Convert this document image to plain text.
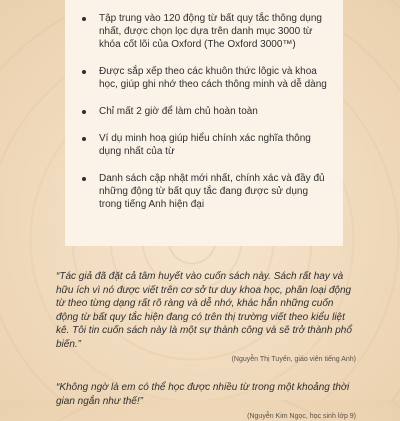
Tập trung vào 120 động từ bất quy tắc thông dụng nhất, được chọn lọc dựa trên danh mục 3000 từ khóa cốt lõi của Oxford (The Oxford 3000™)
Được sắp xếp theo các khuôn thức lôgic và khoa học, giúp ghi nhớ theo cách thông minh và dễ dàng
Chỉ mất 2 giờ để làm chủ hoàn toàn
Ví dụ minh hoạ giúp hiểu chính xác nghĩa thông dụng nhất của từ
Danh sách cập nhật mới nhất, chính xác và đầy đủ những động từ bất quy tắc đang được sử dụng trong tiếng Anh hiện đại

“Tác giả đã đặt cả tâm huyết vào cuốn sách này. Sách rất hay và hữu ích vì nó được viết trên cơ sở tư duy khoa học, phân loại động từ theo từng dạng rất rõ ràng và dễ nhớ, khác hẳn những cuốn động từ bất quy tắc hiện đang có trên thị trường viết theo kiểu liệt kê. Tôi tin cuốn sách này là một sự thành công và sẽ trở thành phổ biến.”

(Nguyễn Thị Tuyến, giáo viên tiếng Anh)

“Không ngờ là em có thể học được nhiều từ trong một khoảng thời gian ngắn như thế!”

(Nguyễn Kim Ngọc, học sinh lớp 9)
